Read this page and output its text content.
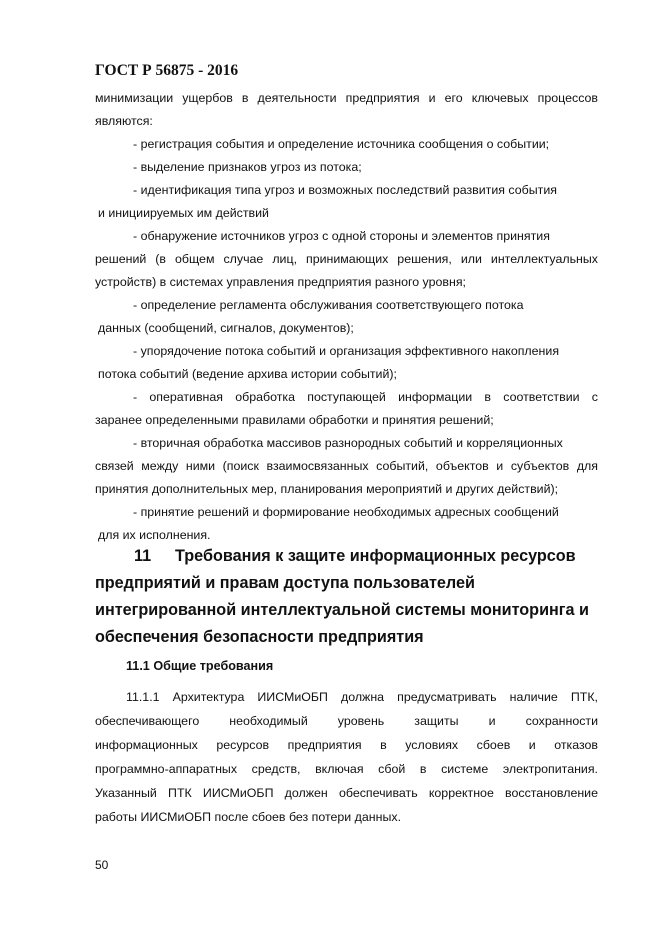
ГОСТ Р 56875 - 2016
минимизации ущербов в деятельности предприятия и его ключевых процессов
являются:
- регистрация события и определение источника сообщения о событии;
- выделение признаков угроз из потока;
- идентификация типа угроз и возможных последствий развития события
и инициируемых им действий
- обнаружение источников угроз с одной стороны и элементов принятия
решений (в общем случае лиц, принимающих решения, или интеллектуальных
устройств) в системах управления предприятия разного уровня;
- определение регламента обслуживания соответствующего потока
данных (сообщений, сигналов, документов);
- упорядочение потока событий и организация эффективного накопления
потока событий (ведение архива истории событий);
- оперативная обработка поступающей информации в соответствии с
заранее определенными правилами обработки и принятия решений;
- вторичная обработка массивов разнородных событий и корреляционных
связей между ними (поиск взаимосвязанных событий, объектов и субъектов для
принятия дополнительных мер, планирования мероприятий и других действий);
- принятие решений и формирование необходимых адресных сообщений
для их исполнения.
11 Требования к защите информационных ресурсов
предприятий и правам доступа пользователей
интегрированной интеллектуальной системы мониторинга и
обеспечения безопасности предприятия
11.1 Общие требования
11.1.1 Архитектура ИИСМиОБП должна предусматривать наличие ПТК,
обеспечивающего необходимый уровень защиты и сохранности
информационных ресурсов предприятия в условиях сбоев и отказов
программно-аппаратных средств, включая сбой в системе электропитания.
Указанный ПТК ИИСМиОБП должен обеспечивать корректное восстановление
работы ИИСМиОБП после сбоев без потери данных.
50
